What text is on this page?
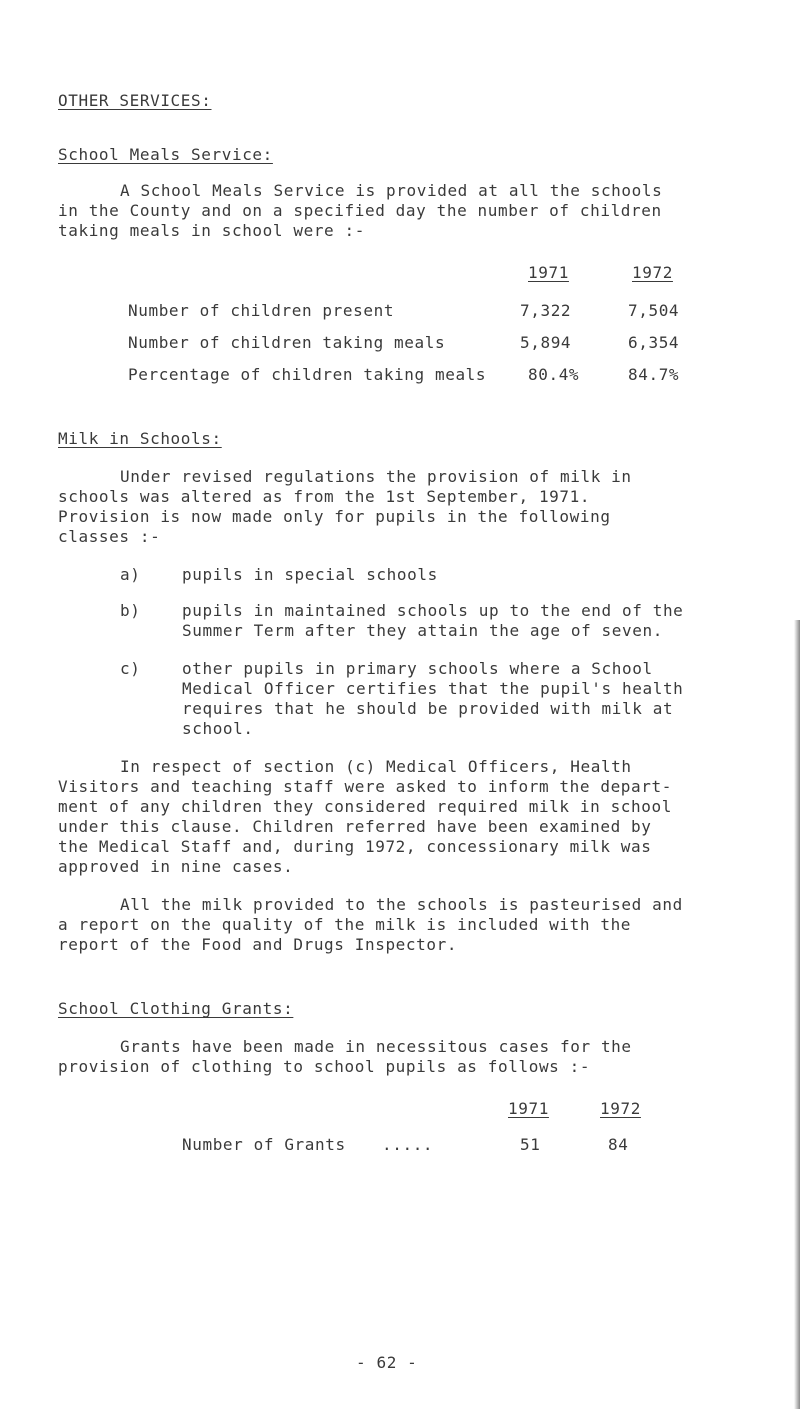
OTHER SERVICES:
School Meals Service:
A School Meals Service is provided at all the schools
in the County and on a specified day the number of children
taking meals in school were :-
1971	1972
Number of children present	7,322	7,504
Number of children taking meals	5,894	6,354
Percentage of children taking meals	80.4%	84.7%
Milk in Schools:
Under revised regulations the provision of milk in
schools was altered as from the 1st September, 1971.
Provision is now made only for pupils in the following
classes :-
a)	pupils in special schools
b)	pupils in maintained schools up to the end of the
Summer Term after they attain the age of seven.
c)	other pupils in primary schools where a School
Medical Officer certifies that the pupil's health
requires that he should be provided with milk at
school.
In respect of section (c) Medical Officers, Health
Visitors and teaching staff were asked to inform the depart-
ment of any children they considered required milk in school
under this clause. Children referred have been examined by
the Medical Staff and, during 1972, concessionary milk was
approved in nine cases.
All the milk provided to the schools is pasteurised and
a report on the quality of the milk is included with the
report of the Food and Drugs Inspector.
School Clothing Grants:
Grants have been made in necessitous cases for the
provision of clothing to school pupils as follows :-
1971	1972
Number of Grants .....	51	84
- 62 -
